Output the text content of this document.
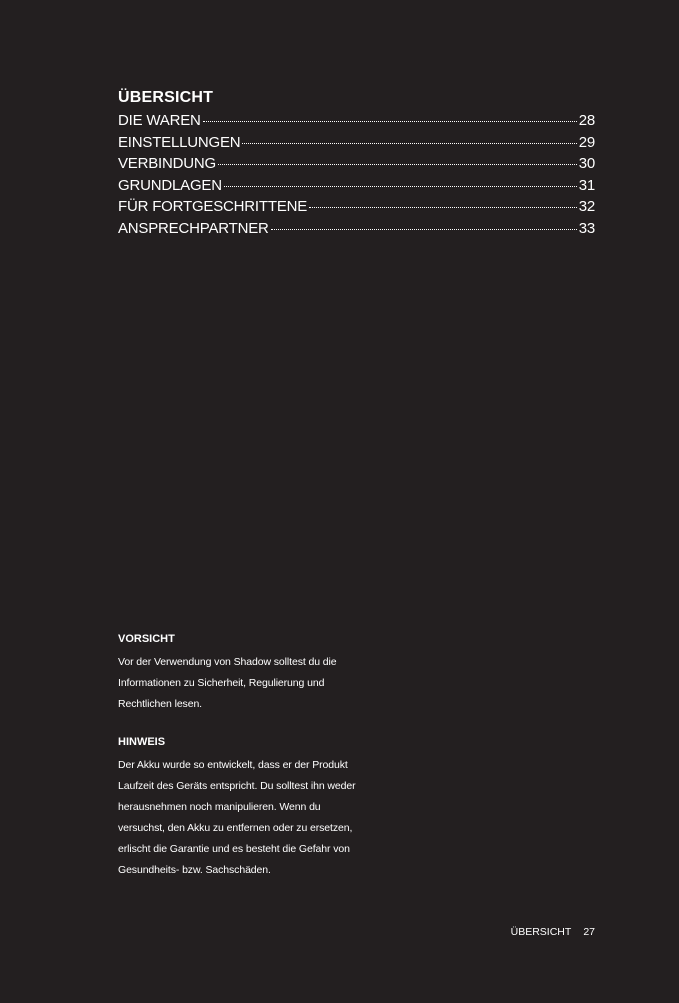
ÜBERSICHT
DIE WAREN	28
EINSTELLUNGEN	29
VERBINDUNG	30
GRUNDLAGEN	31
FÜR FORTGESCHRITTENE	32
ANSPRECHPARTNER	33
VORSICHT

Vor der Verwendung von Shadow solltest du die Informationen zu Sicherheit, Regulierung und Rechtlichen lesen.

HINWEIS

Der Akku wurde so entwickelt, dass er der Produkt Laufzeit des Geräts entspricht. Du solltest ihn weder herausnehmen noch manipulieren. Wenn du versuchst, den Akku zu entfernen oder zu ersetzen, erlischt die Garantie und es besteht die Gefahr von Gesundheits- bzw. Sachschäden.

ÜBERSICHT 27
